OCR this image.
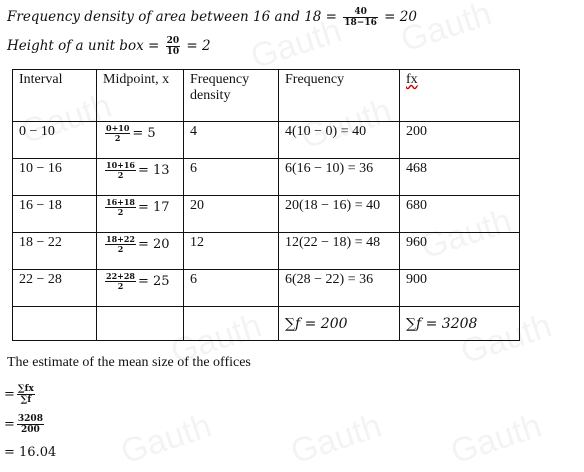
Frequency density of area between 16 and $18 = \frac{40}{18-16} = 20$
Height of a unit box = $\frac{20}{10} = 2$
Interval	Midpoint, x	Frequency density	Frequency	fx
0 − 10	$\frac{0+10}{2} = 5$	4	4(10 − 0) = 40	200
10 − 16	$\frac{10+16}{2} = 13$	6	6(16 − 10) = 36	468
16 − 18	$\frac{16+18}{2} = 17$	20	20(18 − 16) = 40	680
18 − 22	$\frac{18+22}{2} = 20$	12	12(22 − 18) = 48	960
22 − 28	$\frac{22+28}{2} = 25$	6	6(28 − 22) = 36	900
			∑f = 200	∑f = 3208
The estimate of the mean size of the offices
= $\frac{\sum fx}{\sum f}$
= $\frac{3208}{200}$
= 16.04
